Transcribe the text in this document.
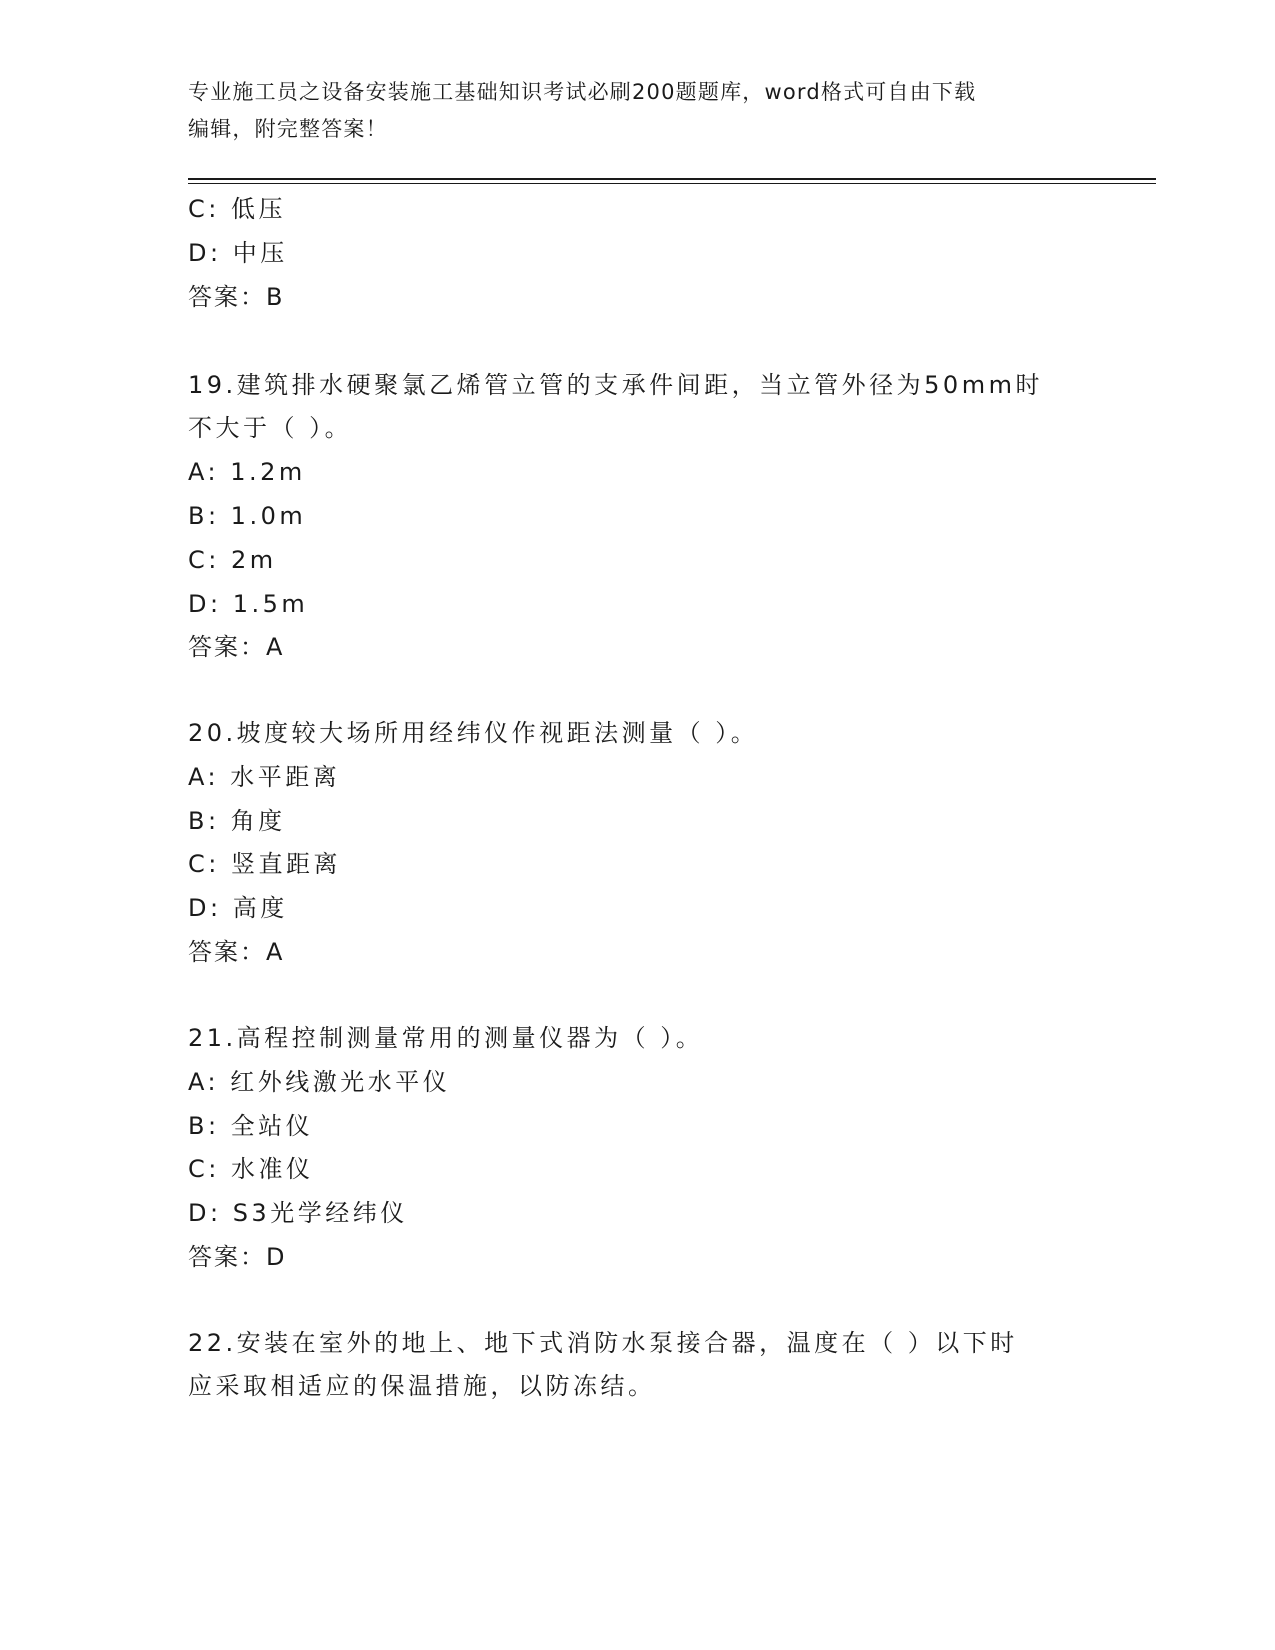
专业施工员之设备安装施工基础知识考试必刷200题题库，word格式可自由下载
编辑，附完整答案！
C: 低压
D: 中压
答案：B
19.建筑排水硬聚氯乙烯管立管的支承件间距，当立管外径为50mm时
不大于（ ）。
A: 1.2m
B: 1.0m
C: 2m
D: 1.5m
答案：A
20.坡度较大场所用经纬仪作视距法测量（ ）。
A: 水平距离
B: 角度
C: 竖直距离
D: 高度
答案：A
21.高程控制测量常用的测量仪器为（ ）。
A: 红外线激光水平仪
B: 全站仪
C: 水准仪
D: S3光学经纬仪
答案：D
22.安装在室外的地上、地下式消防水泵接合器，温度在（ ）以下时
应采取相适应的保温措施，以防冻结。
